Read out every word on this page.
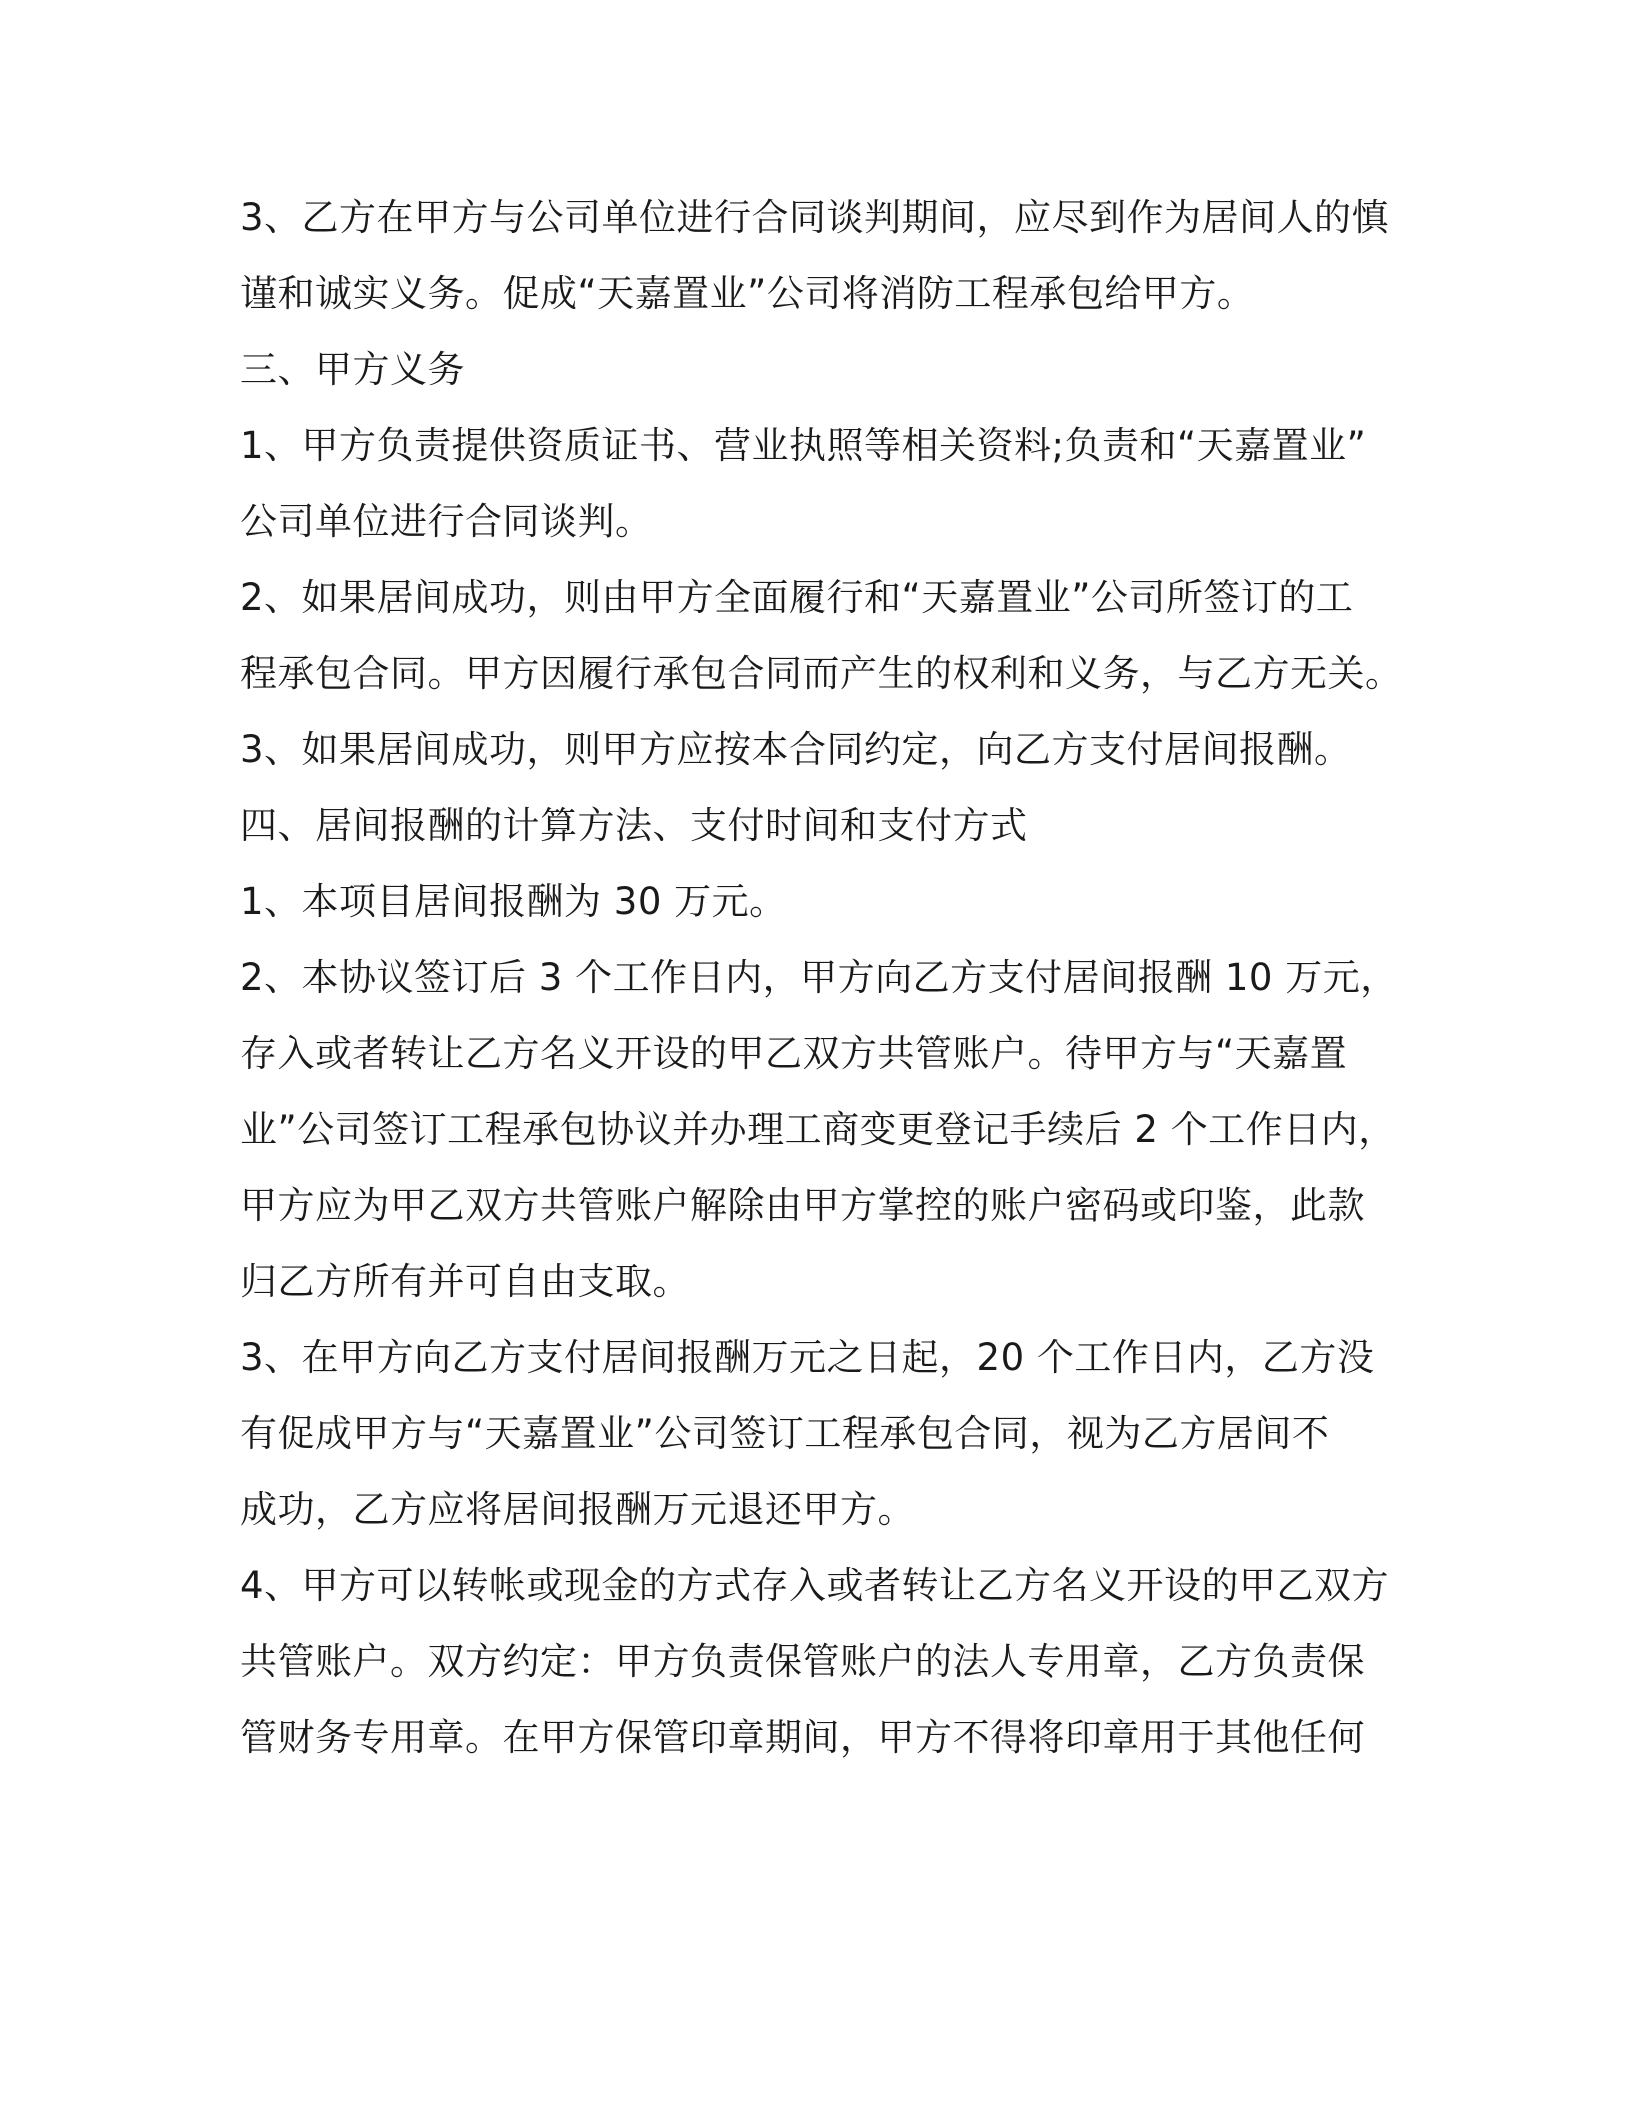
3、乙方在甲方与公司单位进行合同谈判期间，应尽到作为居间人的慎
谨和诚实义务。促成“天嘉置业”公司将消防工程承包给甲方。
三、甲方义务
1、甲方负责提供资质证书、营业执照等相关资料;负责和“天嘉置业”
公司单位进行合同谈判。
2、如果居间成功，则由甲方全面履行和“天嘉置业”公司所签订的工
程承包合同。甲方因履行承包合同而产生的权利和义务，与乙方无关。
3、如果居间成功，则甲方应按本合同约定，向乙方支付居间报酬。
四、居间报酬的计算方法、支付时间和支付方式
1、本项目居间报酬为 30 万元。
2、本协议签订后 3 个工作日内，甲方向乙方支付居间报酬 10 万元，
存入或者转让乙方名义开设的甲乙双方共管账户。待甲方与“天嘉置
业”公司签订工程承包协议并办理工商变更登记手续后 2 个工作日内，
甲方应为甲乙双方共管账户解除由甲方掌控的账户密码或印鉴，此款
归乙方所有并可自由支取。
3、在甲方向乙方支付居间报酬万元之日起，20 个工作日内，乙方没
有促成甲方与“天嘉置业”公司签订工程承包合同，视为乙方居间不
成功，乙方应将居间报酬万元退还甲方。
4、甲方可以转帐或现金的方式存入或者转让乙方名义开设的甲乙双方
共管账户。双方约定：甲方负责保管账户的法人专用章，乙方负责保
管财务专用章。在甲方保管印章期间，甲方不得将印章用于其他任何
